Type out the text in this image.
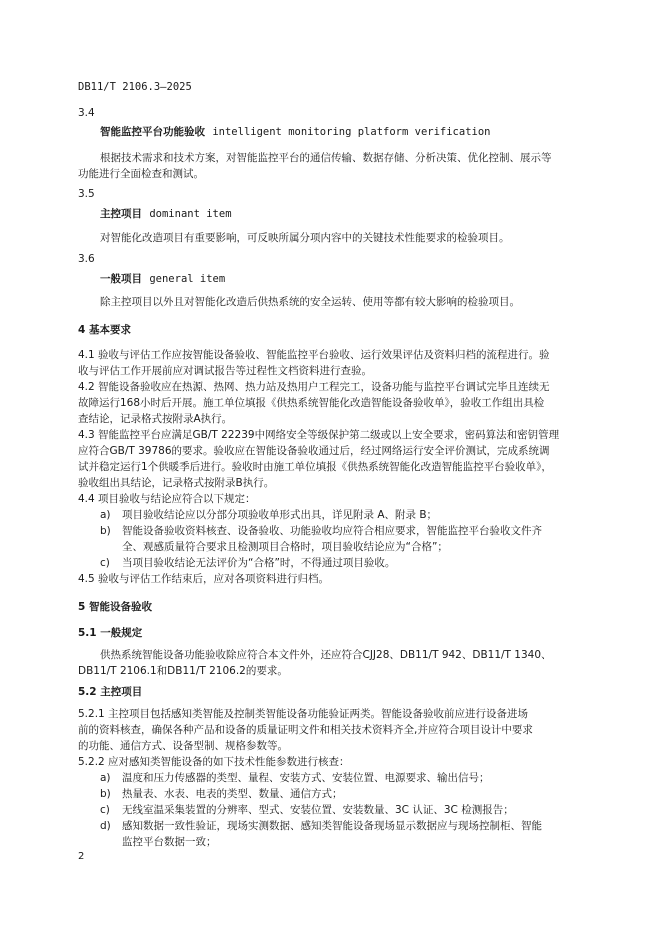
DB11/T 2106.3—2025
3.4
智能监控平台功能验收 intelligent monitoring platform verification
根据技术需求和技术方案，对智能监控平台的通信传输、数据存储、分析决策、优化控制、展示等
功能进行全面检查和测试。
3.5
主控项目 dominant item
对智能化改造项目有重要影响，可反映所属分项内容中的关键技术性能要求的检验项目。
3.6
一般项目 general item
除主控项目以外且对智能化改造后供热系统的安全运转、使用等都有较大影响的检验项目。
4 基本要求
4.1 验收与评估工作应按智能设备验收、智能监控平台验收、运行效果评估及资料归档的流程进行。验
收与评估工作开展前应对调试报告等过程性文档资料进行查验。
4.2 智能设备验收应在热源、热网、热力站及热用户工程完工，设备功能与监控平台调试完毕且连续无
故障运行168小时后开展。施工单位填报《供热系统智能化改造智能设备验收单》，验收工作组出具检
查结论，记录格式按附录A执行。
4.3 智能监控平台应满足GB/T 22239中网络安全等级保护第二级或以上安全要求，密码算法和密钥管理
应符合GB/T 39786的要求。验收应在智能设备验收通过后，经过网络运行安全评价测试，完成系统调
试并稳定运行1个供暖季后进行。验收时由施工单位填报《供热系统智能化改造智能监控平台验收单》，
验收组出具结论，记录格式按附录B执行。
4.4 项目验收与结论应符合以下规定：
a) 项目验收结论应以分部分项验收单形式出具，详见附录 A、附录 B；
b) 智能设备验收资料核查、设备验收、功能验收均应符合相应要求，智能监控平台验收文件齐
全、观感质量符合要求且检测项目合格时，项目验收结论应为“合格”；
c) 当项目验收结论无法评价为“合格”时，不得通过项目验收。
4.5 验收与评估工作结束后，应对各项资料进行归档。
5 智能设备验收
5.1 一般规定
供热系统智能设备功能验收除应符合本文件外，还应符合CJJ28、DB11/T 942、DB11/T 1340、
DB11/T 2106.1和DB11/T 2106.2的要求。
5.2 主控项目
5.2.1 主控项目包括感知类智能及控制类智能设备功能验证两类。智能设备验收前应进行设备进场
前的资料核查，确保各种产品和设备的质量证明文件和相关技术资料齐全,并应符合项目设计中要求
的功能、通信方式、设备型制、规格参数等。
5.2.2 应对感知类智能设备的如下技术性能参数进行核查：
a) 温度和压力传感器的类型、量程、安装方式、安装位置、电源要求、输出信号；
b) 热量表、水表、电表的类型、数量、通信方式；
c) 无线室温采集装置的分辨率、型式、安装位置、安装数量、3C 认证、3C 检测报告；
d) 感知数据一致性验证，现场实测数据、感知类智能设备现场显示数据应与现场控制柜、智能
监控平台数据一致；
2
